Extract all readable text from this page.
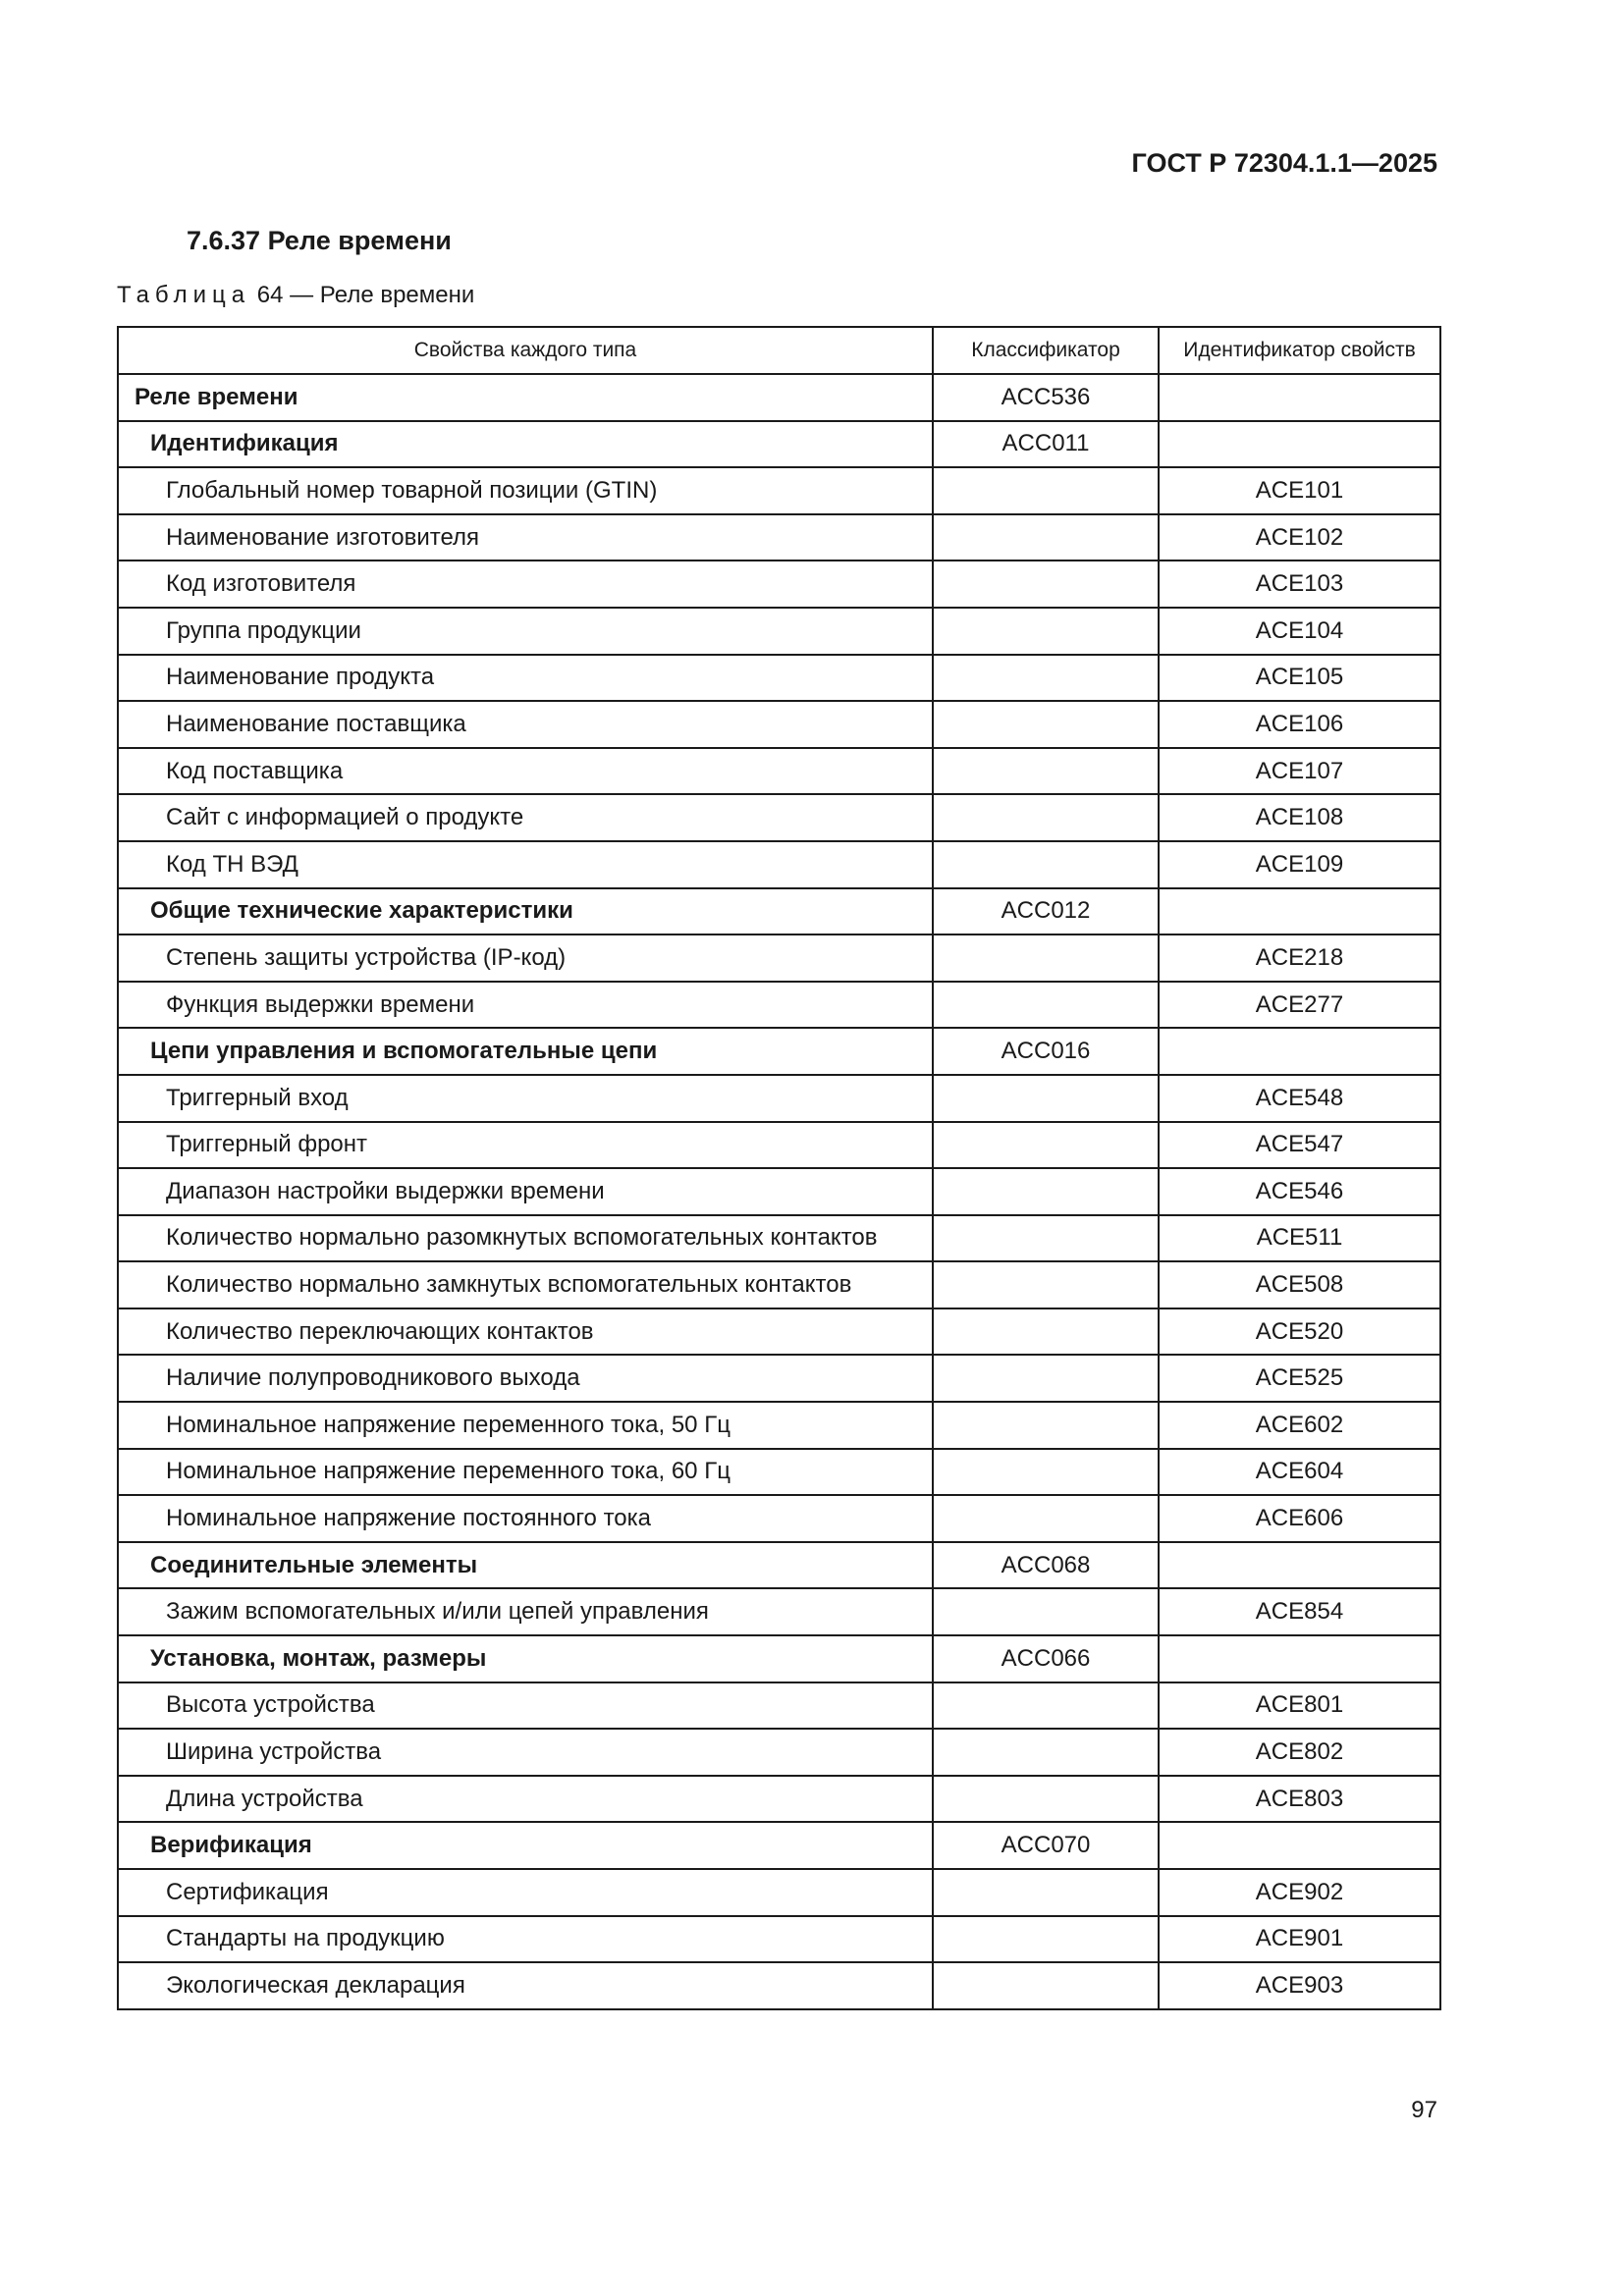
ГОСТ Р 72304.1.1—2025
7.6.37 Реле времени
Таблица 64 — Реле времени
Свойства каждого типа	Классификатор	Идентификатор свойств
Реле времени	ACC536	
Идентификация	ACC011	
Глобальный номер товарной позиции (GTIN)		ACE101
Наименование изготовителя		ACE102
Код изготовителя		ACE103
Группа продукции		ACE104
Наименование продукта		ACE105
Наименование поставщика		ACE106
Код поставщика		ACE107
Сайт с информацией о продукте		ACE108
Код ТН ВЭД		ACE109
Общие технические характеристики	ACC012	
Степень защиты устройства (IP-код)		ACE218
Функция выдержки времени		ACE277
Цепи управления и вспомогательные цепи	ACC016	
Триггерный вход		ACE548
Триггерный фронт		ACE547
Диапазон настройки выдержки времени		ACE546
Количество нормально разомкнутых вспомогательных контактов		ACE511
Количество нормально замкнутых вспомогательных контактов		ACE508
Количество переключающих контактов		ACE520
Наличие полупроводникового выхода		ACE525
Номинальное напряжение переменного тока, 50 Гц		ACE602
Номинальное напряжение переменного тока, 60 Гц		ACE604
Номинальное напряжение постоянного тока		ACE606
Соединительные элементы	ACC068	
Зажим вспомогательных и/или цепей управления		ACE854
Установка, монтаж, размеры	ACC066	
Высота устройства		ACE801
Ширина устройства		ACE802
Длина устройства		ACE803
Верификация	ACC070	
Сертификация		ACE902
Стандарты на продукцию		ACE901
Экологическая декларация		ACE903
97
